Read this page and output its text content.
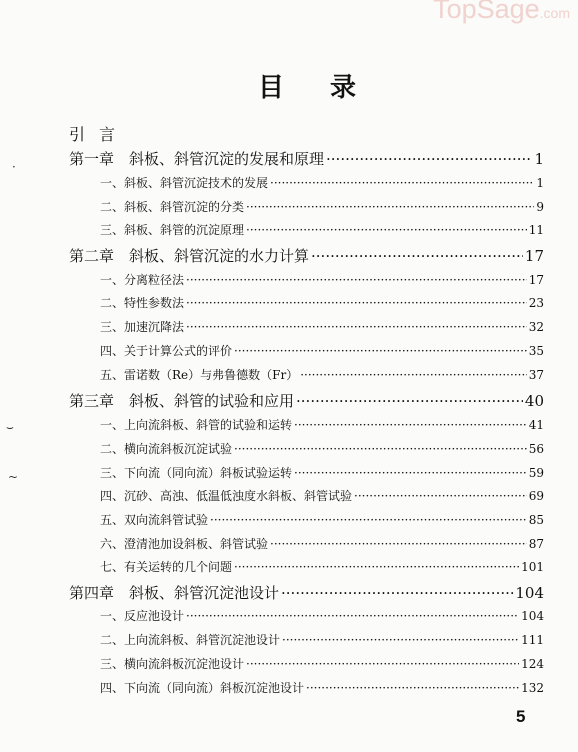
TopSage.com
目录
引言
第一章　斜板、斜管沉淀的发展和原理 ·····	1
一、斜板、斜管沉淀技术的发展 ·····	1
二、斜板、斜管沉淀的分类 ·····	9
三、斜板、斜管的沉淀原理 ·····	11
第二章　斜板、斜管沉淀的水力计算 ·····	17
一、分离粒径法 ·····	17
二、特性参数法 ·····	23
三、加速沉降法 ·····	32
四、关于计算公式的评价 ·····	35
五、雷诺数（Re）与弗鲁德数（Fr） ·····	37
第三章　斜板、斜管的试验和应用 ·····	40
一、上向流斜板、斜管的试验和运转 ·····	41
二、横向流斜板沉淀试验 ·····	56
三、下向流（同向流）斜板试验运转 ·····	59
四、沉砂、高浊、低温低浊度水斜板、斜管试验 ·····	69
五、双向流斜管试验 ·····	85
六、澄清池加设斜板、斜管试验 ·····	87
七、有关运转的几个问题 ·····	101
第四章　斜板、斜管沉淀池设计 ·····	104
一、反应池设计 ·····	104
二、上向流斜板、斜管沉淀池设计 ·····	111
三、横向流斜板沉淀池设计 ·····	124
四、下向流（同向流）斜板沉淀池设计 ·····	132
5
·
⌣
~
